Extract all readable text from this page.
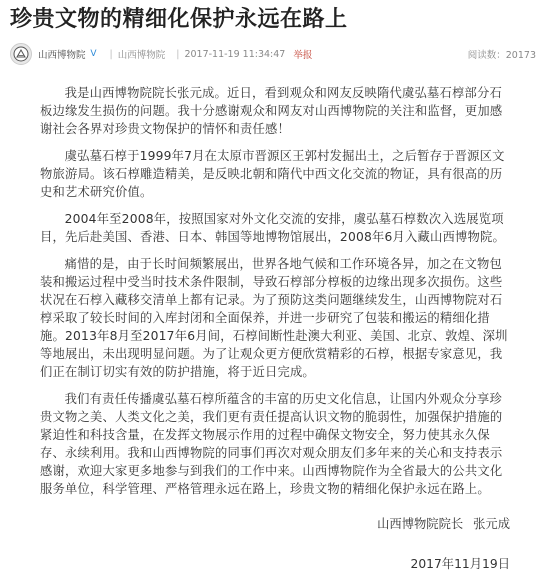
珍贵文物的精细化保护永远在路上
山西博物院 V | 山西博物院 | 2017-11-19 11:34:47 举报	阅读数：20173

我是山西博物院院长张元成。近日，看到观众和网友反映隋代虞弘墓石椁部分石板边缘发生损伤的问题。我十分感谢观众和网友对山西博物院的关注和监督，更加感谢社会各界对珍贵文物保护的情怀和责任感！

虞弘墓石椁于1999年7月在太原市晋源区王郭村发掘出土，之后暂存于晋源区文物旅游局。该石椁雕造精美，是反映北朝和隋代中西文化交流的物证，具有很高的历史和艺术研究价值。

2004年至2008年，按照国家对外文化交流的安排，虞弘墓石椁数次入选展览项目，先后赴美国、香港、日本、韩国等地博物馆展出，2008年6月入藏山西博物院。

痛惜的是，由于长时间频繁展出，世界各地气候和工作环境各异，加之在文物包装和搬运过程中受当时技术条件限制，导致石椁部分椁板的边缘出现多次损伤。这些状况在石椁入藏移交清单上都有记录。为了预防这类问题继续发生，山西博物院对石椁采取了较长时间的入库封闭和全面保养，并进一步研究了包装和搬运的精细化措施。2013年8月至2017年6月间，石椁间断性赴澳大利亚、美国、北京、敦煌、深圳等地展出，未出现明显问题。为了让观众更方便欣赏精彩的石椁，根据专家意见，我们正在制订切实有效的防护措施，将于近日完成。

我们有责任传播虞弘墓石椁所蕴含的丰富的历史文化信息，让国内外观众分享珍贵文物之美、人类文化之美，我们更有责任提高认识文物的脆弱性，加强保护措施的紧迫性和科技含量，在发挥文物展示作用的过程中确保文物安全，努力使其永久保存、永续利用。我和山西博物院的同事们再次对观众朋友们多年来的关心和支持表示感谢，欢迎大家更多地参与到我们的工作中来。山西博物院作为全省最大的公共文化服务单位，科学管理、严格管理永远在路上，珍贵文物的精细化保护永远在路上。

山西博物院院长 张元成
2017年11月19日
